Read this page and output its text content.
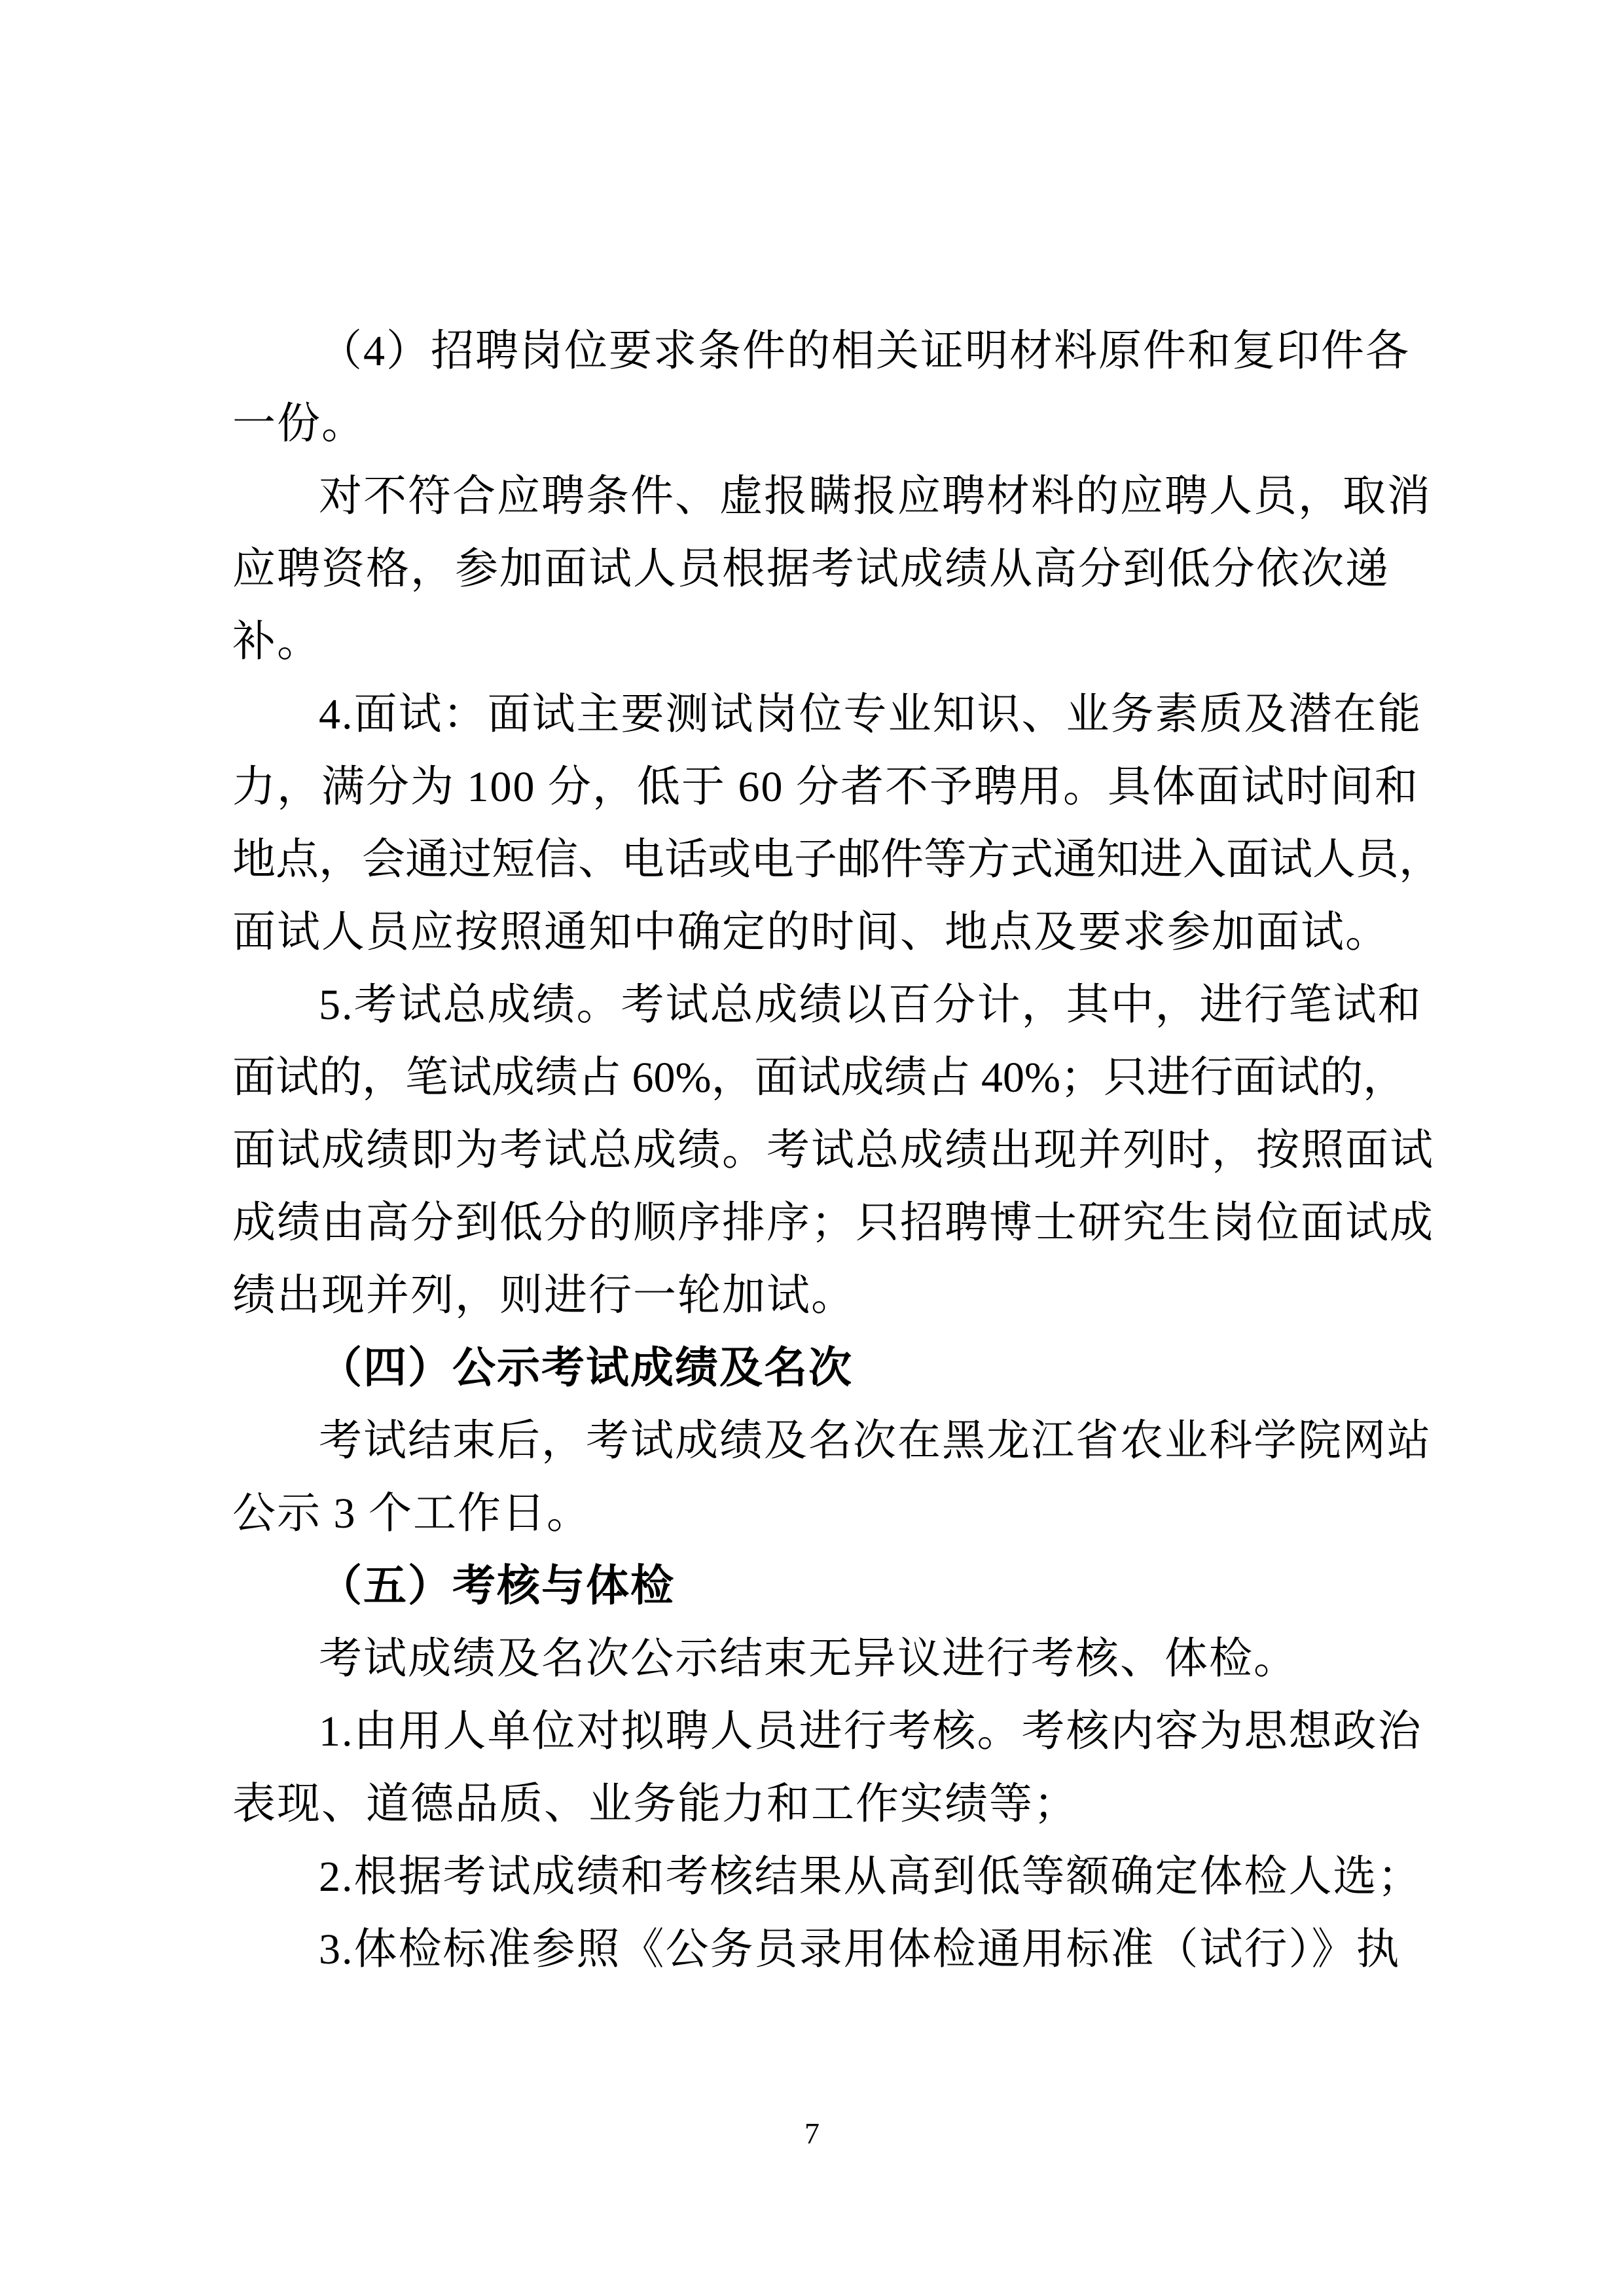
（4）招聘岗位要求条件的相关证明材料原件和复印件各
一份。
对不符合应聘条件、虚报瞒报应聘材料的应聘人员，取消
应聘资格，参加面试人员根据考试成绩从高分到低分依次递
补。
4.面试：面试主要测试岗位专业知识、业务素质及潜在能
力，满分为 100 分，低于 60 分者不予聘用。具体面试时间和
地点，会通过短信、电话或电子邮件等方式通知进入面试人员，
面试人员应按照通知中确定的时间、地点及要求参加面试。
5.考试总成绩。考试总成绩以百分计，其中，进行笔试和
面试的，笔试成绩占 60%，面试成绩占 40%；只进行面试的，
面试成绩即为考试总成绩。考试总成绩出现并列时，按照面试
成绩由高分到低分的顺序排序；只招聘博士研究生岗位面试成
绩出现并列，则进行一轮加试。
（四）公示考试成绩及名次
考试结束后，考试成绩及名次在黑龙江省农业科学院网站
公示 3 个工作日。
（五）考核与体检
考试成绩及名次公示结束无异议进行考核、体检。
1.由用人单位对拟聘人员进行考核。考核内容为思想政治
表现、道德品质、业务能力和工作实绩等；
2.根据考试成绩和考核结果从高到低等额确定体检人选；
3.体检标准参照《公务员录用体检通用标准（试行）》执
7
